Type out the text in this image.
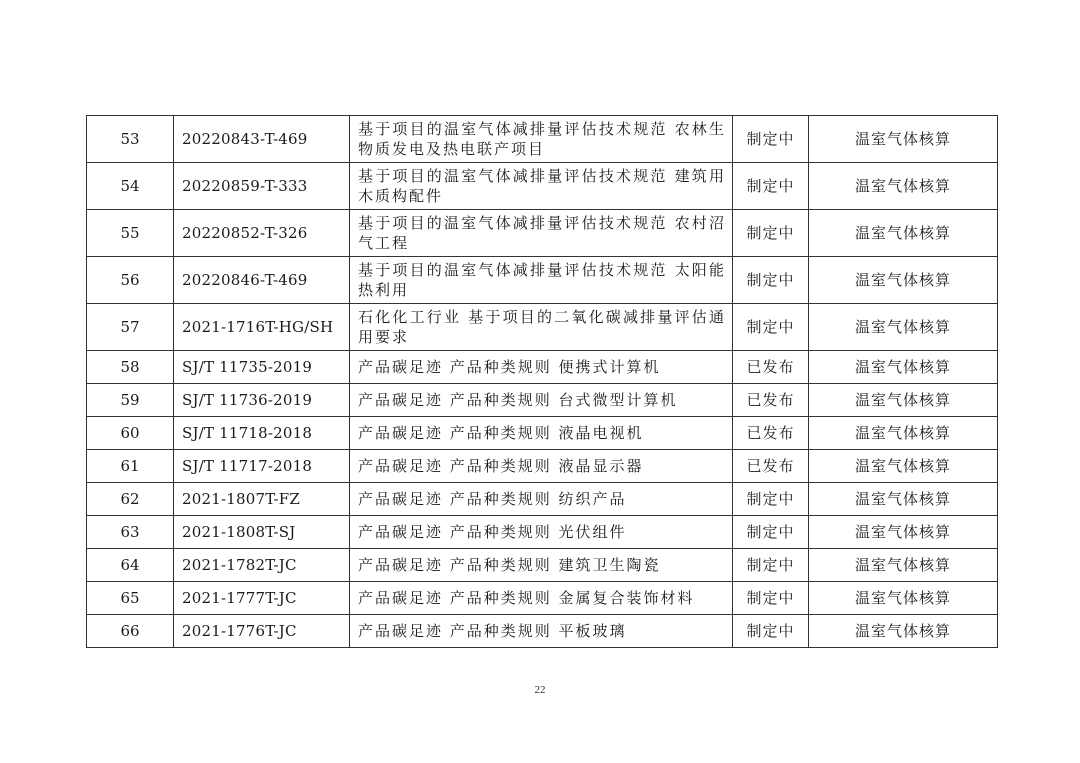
53	20220843-T-469	基于项目的温室气体减排量评估技术规范 农林生物质发电及热电联产项目	制定中	温室气体核算
54	20220859-T-333	基于项目的温室气体减排量评估技术规范 建筑用木质构配件	制定中	温室气体核算
55	20220852-T-326	基于项目的温室气体减排量评估技术规范 农村沼气工程	制定中	温室气体核算
56	20220846-T-469	基于项目的温室气体减排量评估技术规范 太阳能热利用	制定中	温室气体核算
57	2021-1716T-HG/SH	石化化工行业 基于项目的二氧化碳减排量评估通用要求	制定中	温室气体核算
58	SJ/T 11735-2019	产品碳足迹 产品种类规则 便携式计算机	已发布	温室气体核算
59	SJ/T 11736-2019	产品碳足迹 产品种类规则 台式微型计算机	已发布	温室气体核算
60	SJ/T 11718-2018	产品碳足迹 产品种类规则 液晶电视机	已发布	温室气体核算
61	SJ/T 11717-2018	产品碳足迹 产品种类规则 液晶显示器	已发布	温室气体核算
62	2021-1807T-FZ	产品碳足迹 产品种类规则 纺织产品	制定中	温室气体核算
63	2021-1808T-SJ	产品碳足迹 产品种类规则 光伏组件	制定中	温室气体核算
64	2021-1782T-JC	产品碳足迹 产品种类规则 建筑卫生陶瓷	制定中	温室气体核算
65	2021-1777T-JC	产品碳足迹 产品种类规则 金属复合装饰材料	制定中	温室气体核算
66	2021-1776T-JC	产品碳足迹 产品种类规则 平板玻璃	制定中	温室气体核算
22
